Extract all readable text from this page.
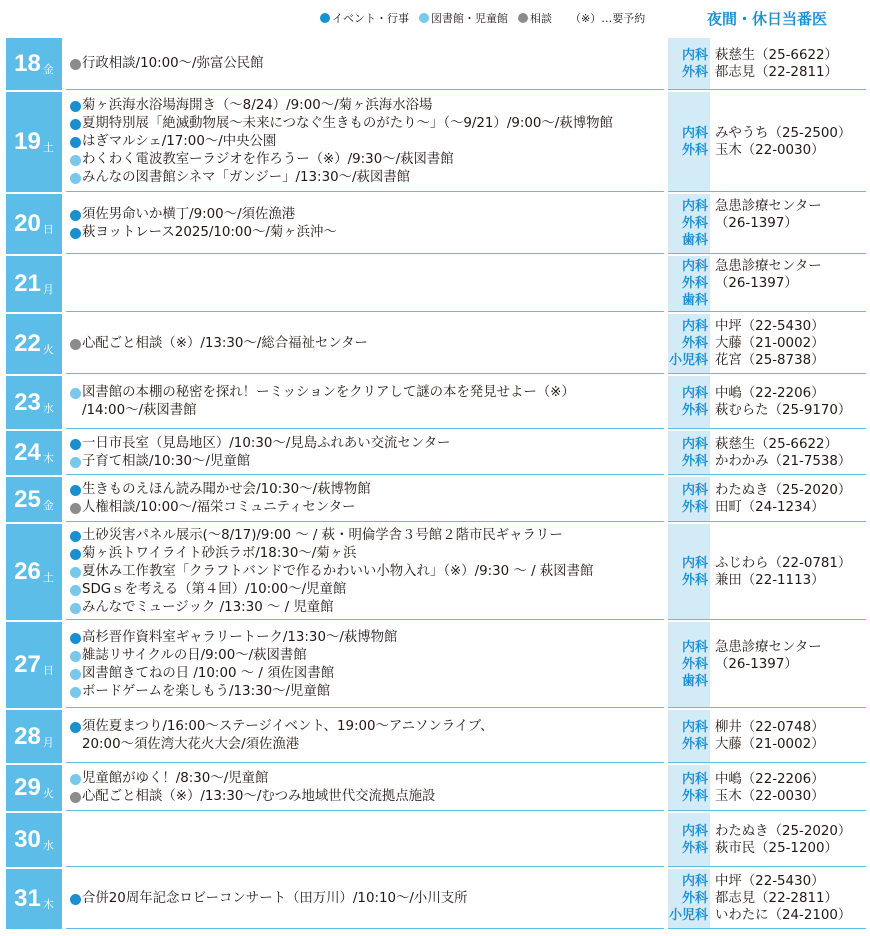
イベント・行事 図書館・児童館 相談 （※）…要予約	夜間・休日当番医
18 金 行政相談/10:00〜/弥富公民館
内科 萩慈生（25-6622）
外科 都志見（22-2811）
19 土
菊ヶ浜海水浴場海開き（〜8/24）/9:00〜/菊ヶ浜海水浴場
夏期特別展「絶滅動物展〜未来につなぐ生きものがたり〜」（〜9/21）/9:00〜/萩博物館
はぎマルシェ/17:00〜/中央公園
わくわく電波教室ーラジオを作ろうー（※）/9:30〜/萩図書館
みんなの図書館シネマ「ガンジー」/13:30〜/萩図書館
内科 みやうち（25-2500）
外科 玉木（22-0030）
20 日
須佐男命いか横丁/9:00〜/須佐漁港
萩ヨットレース2025/10:00〜/菊ヶ浜沖〜
内科 急患診療センター
外科 （26-1397）
歯科
21 月
内科 急患診療センター
外科 （26-1397）
歯科
22 火 心配ごと相談（※）/13:30〜/総合福祉センター
内科 中坪（22-5430）
外科 大藤（21-0002）
小児科 花宮（25-8738）
23 水
図書館の本棚の秘密を探れ！ーミッションをクリアして謎の本を発見せよー（※）
/14:00〜/萩図書館
内科 中嶋（22-2206）
外科 萩むらた（25-9170）
24 木
一日市長室（見島地区）/10:30〜/見島ふれあい交流センター
子育て相談/10:30〜/児童館
内科 萩慈生（25-6622）
外科 かわかみ（21-7538）
25 金
生きものえほん読み聞かせ会/10:30〜/萩博物館
人権相談/10:00〜/福栄コミュニティセンター
内科 わたぬき（25-2020）
外科 田町（24-1234）
26 土
土砂災害パネル展示(〜8/17)/9:00 〜 / 萩・明倫学舎３号館２階市民ギャラリー
菊ヶ浜トワイライト砂浜ラボ/18:30〜/菊ヶ浜
夏休み工作教室「クラフトバンドで作るかわいい小物入れ」（※）/9:30 〜 / 萩図書館
SDGｓを考える（第４回）/10:00〜/児童館
みんなでミュージック /13:30 〜 / 児童館
内科 ふじわら（22-0781）
外科 兼田（22-1113）
27 日
高杉晋作資料室ギャラリートーク/13:30〜/萩博物館
雑誌リサイクルの日/9:00〜/萩図書館
図書館きてねの日 /10:00 〜 / 須佐図書館
ボードゲームを楽しもう/13:30〜/児童館
内科 急患診療センター
外科 （26-1397）
歯科
28 月
須佐夏まつり/16:00〜ステージイベント、19:00〜アニソンライブ、
20:00〜須佐湾大花火大会/須佐漁港
内科 柳井（22-0748）
外科 大藤（21-0002）
29 火
児童館がゆく！/8:30〜/児童館
心配ごと相談（※）/13:30〜/むつみ地域世代交流拠点施設
内科 中嶋（22-2206）
外科 玉木（22-0030）
30 水
内科 わたぬき（25-2020）
外科 萩市民（25-1200）
31 木 合併20周年記念ロビーコンサート（田万川）/10:10〜/小川支所
内科 中坪（22-5430）
外科 都志見（22-2811）
小児科 いわたに（24-2100）
